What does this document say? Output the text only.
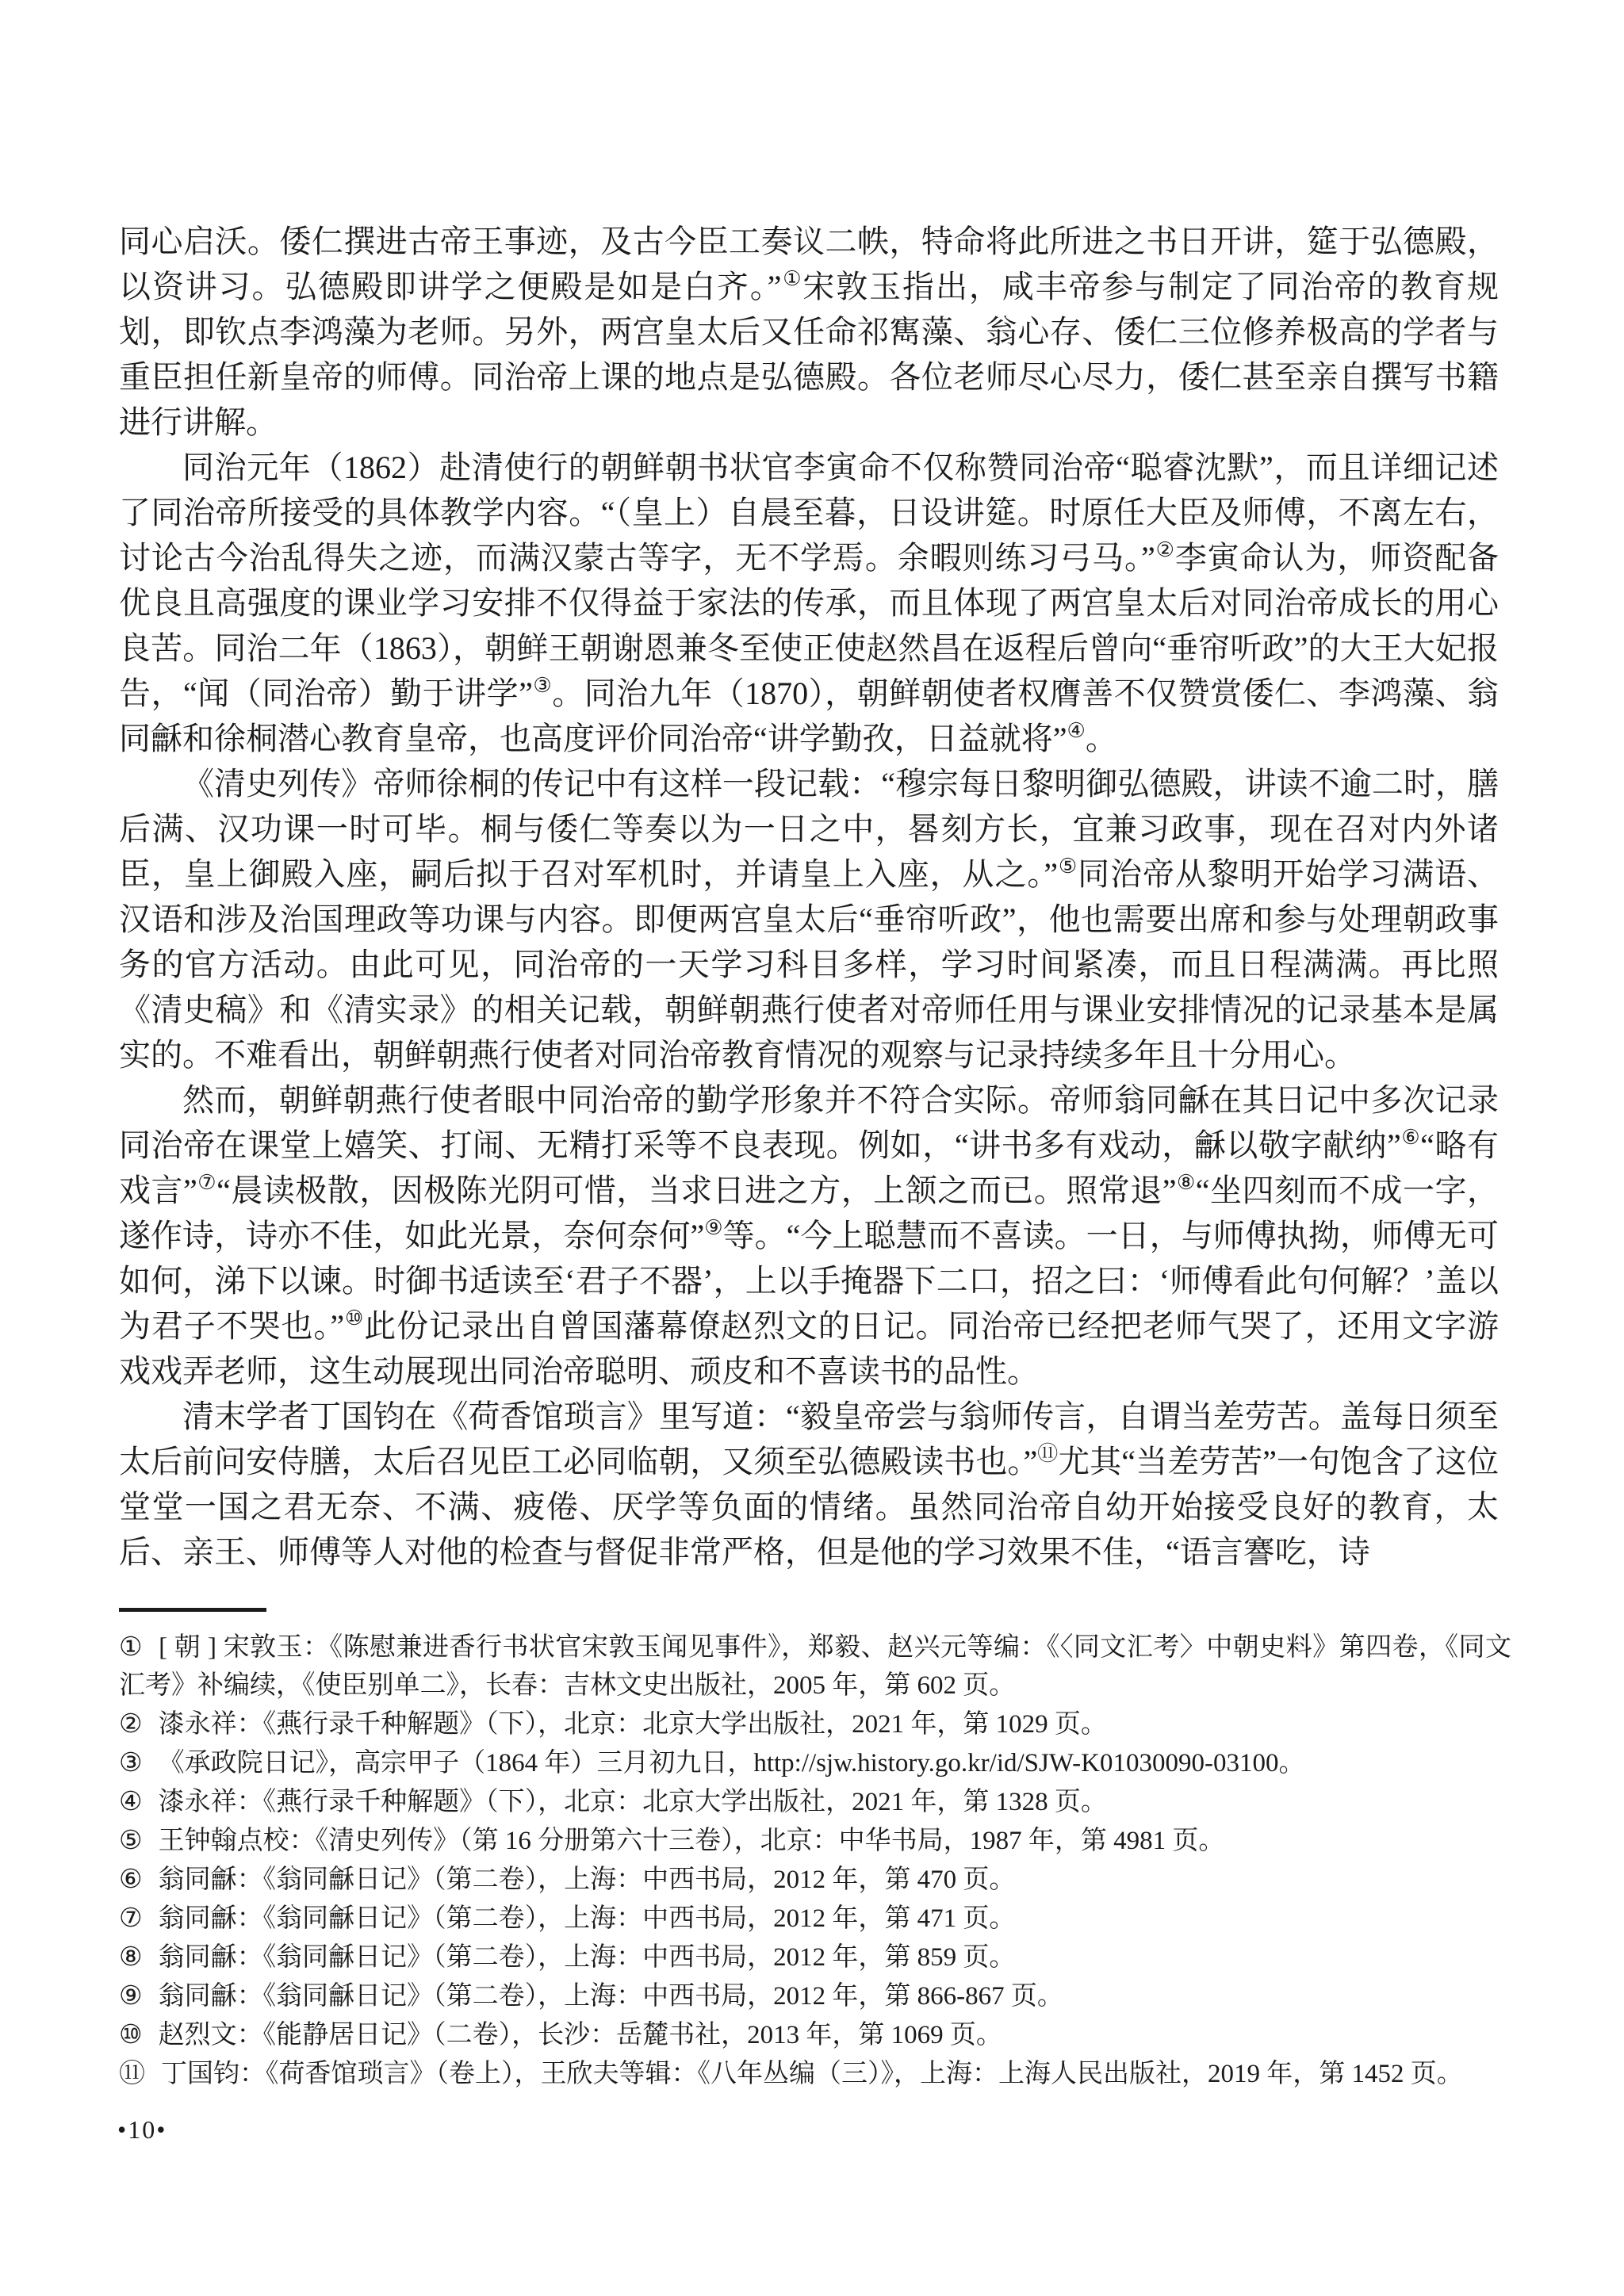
同心启沃。倭仁撰进古帝王事迹，及古今臣工奏议二帙，特命将此所进之书日开讲，筵于弘德殿，以资讲习。弘德殿即讲学之便殿是如是白齐。”①宋敦玉指出，咸丰帝参与制定了同治帝的教育规划，即钦点李鸿藻为老师。另外，两宫皇太后又任命祁寯藻、翁心存、倭仁三位修养极高的学者与重臣担任新皇帝的师傅。同治帝上课的地点是弘德殿。各位老师尽心尽力，倭仁甚至亲自撰写书籍进行讲解。

同治元年（1862）赴清使行的朝鲜朝书状官李寅命不仅称赞同治帝“聪睿沈默”，而且详细记述了同治帝所接受的具体教学内容。“（皇上）自晨至暮，日设讲筵。时原任大臣及师傅，不离左右，讨论古今治乱得失之迹，而满汉蒙古等字，无不学焉。余暇则练习弓马。”②李寅命认为，师资配备优良且高强度的课业学习安排不仅得益于家法的传承，而且体现了两宫皇太后对同治帝成长的用心良苦。同治二年（1863），朝鲜王朝谢恩兼冬至使正使赵然昌在返程后曾向“垂帘听政”的大王大妃报告，“闻（同治帝）勤于讲学”③。同治九年（1870），朝鲜朝使者权膺善不仅赞赏倭仁、李鸿藻、翁同龢和徐桐潜心教育皇帝，也高度评价同治帝“讲学勤孜，日益就将”④。

《清史列传》帝师徐桐的传记中有这样一段记载：“穆宗每日黎明御弘德殿，讲读不逾二时，膳后满、汉功课一时可毕。桐与倭仁等奏以为一日之中，晷刻方长，宜兼习政事，现在召对内外诸臣，皇上御殿入座，嗣后拟于召对军机时，并请皇上入座，从之。”⑤同治帝从黎明开始学习满语、汉语和涉及治国理政等功课与内容。即便两宫皇太后“垂帘听政”，他也需要出席和参与处理朝政事务的官方活动。由此可见，同治帝的一天学习科目多样，学习时间紧凑，而且日程满满。再比照《清史稿》和《清实录》的相关记载，朝鲜朝燕行使者对帝师任用与课业安排情况的记录基本是属实的。不难看出，朝鲜朝燕行使者对同治帝教育情况的观察与记录持续多年且十分用心。

然而，朝鲜朝燕行使者眼中同治帝的勤学形象并不符合实际。帝师翁同龢在其日记中多次记录同治帝在课堂上嬉笑、打闹、无精打采等不良表现。例如，“讲书多有戏动，龢以敬字献纳”⑥“略有戏言”⑦“晨读极散，因极陈光阴可惜，当求日进之方，上颔之而已。照常退”⑧“坐四刻而不成一字，遂作诗，诗亦不佳，如此光景，奈何奈何”⑨等。“今上聪慧而不喜读。一日，与师傅执拗，师傅无可如何，涕下以谏。时御书适读至‘君子不器’，上以手掩器下二口，招之曰：‘师傅看此句何解？’盖以为君子不哭也。”⑩此份记录出自曾国藩幕僚赵烈文的日记。同治帝已经把老师气哭了，还用文字游戏戏弄老师，这生动展现出同治帝聪明、顽皮和不喜读书的品性。

清末学者丁国钧在《荷香馆琐言》里写道：“毅皇帝尝与翁师传言，自谓当差劳苦。盖每日须至太后前问安侍膳，太后召见臣工必同临朝，又须至弘德殿读书也。”⑪尤其“当差劳苦”一句饱含了这位堂堂一国之君无奈、不满、疲倦、厌学等负面的情绪。虽然同治帝自幼开始接受良好的教育，太后、亲王、师傅等人对他的检查与督促非常严格，但是他的学习效果不佳，“语言謇吃，诗

① [ 朝 ] 宋敦玉：《陈慰兼进香行书状官宋敦玉闻见事件》，郑毅、赵兴元等编：《〈同文汇考〉中朝史料》第四卷，《同文汇考》补编续，《使臣别单二》，长春：吉林文史出版社，2005 年，第 602 页。
② 漆永祥：《燕行录千种解题》（下），北京：北京大学出版社，2021 年，第 1029 页。
③ 《承政院日记》，高宗甲子（1864 年）三月初九日，http://sjw.history.go.kr/id/SJW-K01030090-03100。
④ 漆永祥：《燕行录千种解题》（下），北京：北京大学出版社，2021 年，第 1328 页。
⑤ 王钟翰点校：《清史列传》（第 16 分册第六十三卷），北京：中华书局，1987 年，第 4981 页。
⑥ 翁同龢：《翁同龢日记》（第二卷），上海：中西书局，2012 年，第 470 页。
⑦ 翁同龢：《翁同龢日记》（第二卷），上海：中西书局，2012 年，第 471 页。
⑧ 翁同龢：《翁同龢日记》（第二卷），上海：中西书局，2012 年，第 859 页。
⑨ 翁同龢：《翁同龢日记》（第二卷），上海：中西书局，2012 年，第 866-867 页。
⑩ 赵烈文：《能静居日记》（二卷），长沙：岳麓书社，2013 年，第 1069 页。
⑪ 丁国钧：《荷香馆琐言》（卷上），王欣夫等辑：《八年丛编（三）》，上海：上海人民出版社，2019 年，第 1452 页。
•10•
